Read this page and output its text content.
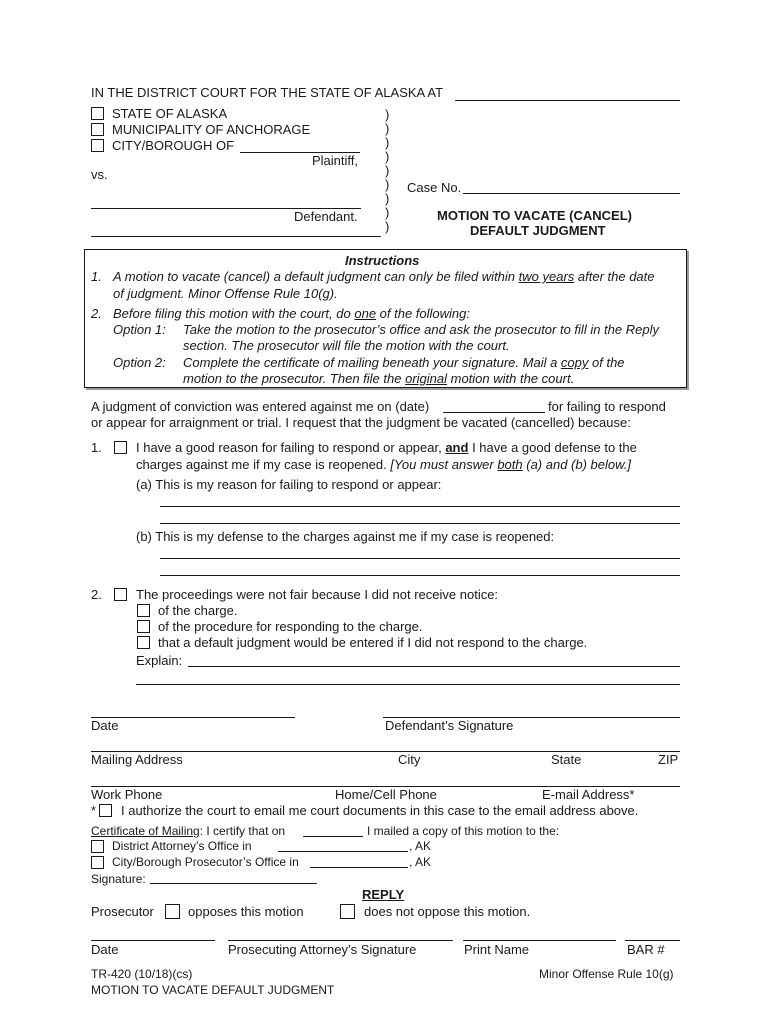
IN THE DISTRICT COURT FOR THE STATE OF ALASKA AT
STATE OF ALASKA
MUNICIPALITY OF ANCHORAGE
CITY/BOROUGH OF
Plaintiff,
vs.
Defendant.
)
)
)
)
)
)
)
)
)
Case No.
MOTION TO VACATE (CANCEL)
DEFAULT JUDGMENT
Instructions
1. A motion to vacate (cancel) a default judgment can only be filed within two years after the date
of judgment. Minor Offense Rule 10(g).
2. Before filing this motion with the court, do one of the following:
Option 1: Take the motion to the prosecutor’s office and ask the prosecutor to fill in the Reply
section. The prosecutor will file the motion with the court.
Option 2: Complete the certificate of mailing beneath your signature. Mail a copy of the
motion to the prosecutor. Then file the original motion with the court.
A judgment of conviction was entered against me on (date)	for failing to respond
or appear for arraignment or trial. I request that the judgment be vacated (cancelled) because:
1.	I have a good reason for failing to respond or appear, and I have a good defense to the
charges against me if my case is reopened. [You must answer both (a) and (b) below.]
(a) This is my reason for failing to respond or appear:
(b) This is my defense to the charges against me if my case is reopened:
2.	The proceedings were not fair because I did not receive notice:
of the charge.
of the procedure for responding to the charge.
that a default judgment would be entered if I did not respond to the charge.
Explain:
Date	Defendant’s Signature
Mailing Address	City	State	ZIP
Work Phone	Home/Cell Phone	E-mail Address*
* I authorize the court to email me court documents in this case to the email address above.
Certificate of Mailing: I certify that on	I mailed a copy of this motion to the:
District Attorney’s Office in	, AK
City/Borough Prosecutor’s Office in	, AK
Signature:
REPLY
Prosecutor	opposes this motion	does not oppose this motion.
Date	Prosecuting Attorney’s Signature	Print Name	BAR #
TR-420 (10/18)(cs)
MOTION TO VACATE DEFAULT JUDGMENT
Minor Offense Rule 10(g)
